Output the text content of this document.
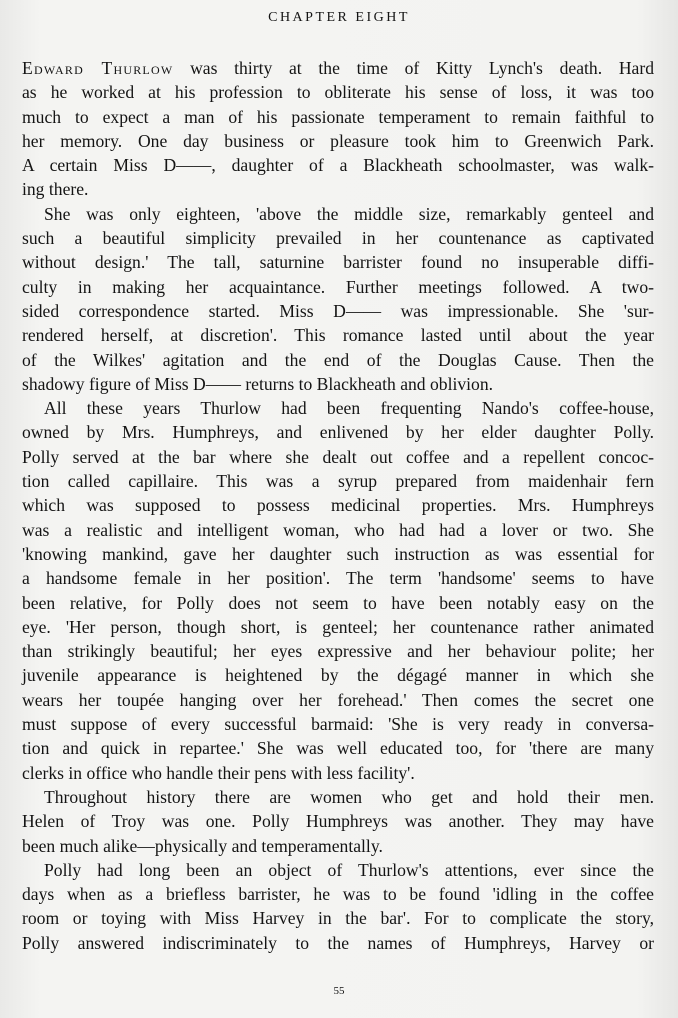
CHAPTER EIGHT
Edward Thurlow was thirty at the time of Kitty Lynch's death. Hard
as he worked at his profession to obliterate his sense of loss, it was too
much to expect a man of his passionate temperament to remain faithful to
her memory. One day business or pleasure took him to Greenwich Park.
A certain Miss D——, daughter of a Blackheath schoolmaster, was walk-
ing there.
She was only eighteen, 'above the middle size, remarkably genteel and
such a beautiful simplicity prevailed in her countenance as captivated
without design.' The tall, saturnine barrister found no insuperable diffi-
culty in making her acquaintance. Further meetings followed. A two-
sided correspondence started. Miss D—— was impressionable. She 'sur-
rendered herself, at discretion'. This romance lasted until about the year
of the Wilkes' agitation and the end of the Douglas Cause. Then the
shadowy figure of Miss D—— returns to Blackheath and oblivion.
All these years Thurlow had been frequenting Nando's coffee-house,
owned by Mrs. Humphreys, and enlivened by her elder daughter Polly.
Polly served at the bar where she dealt out coffee and a repellent concoc-
tion called capillaire. This was a syrup prepared from maidenhair fern
which was supposed to possess medicinal properties. Mrs. Humphreys
was a realistic and intelligent woman, who had had a lover or two. She
'knowing mankind, gave her daughter such instruction as was essential for
a handsome female in her position'. The term 'handsome' seems to have
been relative, for Polly does not seem to have been notably easy on the
eye. 'Her person, though short, is genteel; her countenance rather animated
than strikingly beautiful; her eyes expressive and her behaviour polite; her
juvenile appearance is heightened by the dégagé manner in which she
wears her toupée hanging over her forehead.' Then comes the secret one
must suppose of every successful barmaid: 'She is very ready in conversa-
tion and quick in repartee.' She was well educated too, for 'there are many
clerks in office who handle their pens with less facility'.
Throughout history there are women who get and hold their men.
Helen of Troy was one. Polly Humphreys was another. They may have
been much alike—physically and temperamentally.
Polly had long been an object of Thurlow's attentions, ever since the
days when as a briefless barrister, he was to be found 'idling in the coffee
room or toying with Miss Harvey in the bar'. For to complicate the story,
Polly answered indiscriminately to the names of Humphreys, Harvey or
55
